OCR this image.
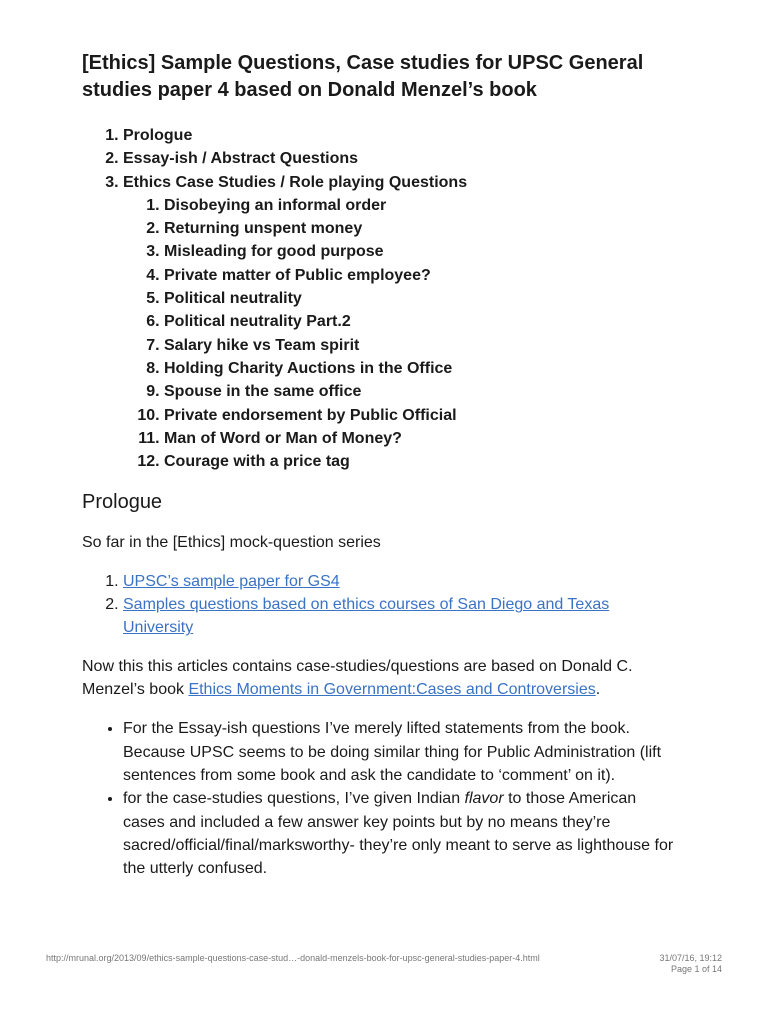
[Ethics] Sample Questions, Case studies for UPSC General studies paper 4 based on Donald Menzel’s book
1. Prologue
2. Essay-ish / Abstract Questions
3. Ethics Case Studies / Role playing Questions
1. Disobeying an informal order
2. Returning unspent money
3. Misleading for good purpose
4. Private matter of Public employee?
5. Political neutrality
6. Political neutrality Part.2
7. Salary hike vs Team spirit
8. Holding Charity Auctions in the Office
9. Spouse in the same office
10. Private endorsement by Public Official
11. Man of Word or Man of Money?
12. Courage with a price tag
Prologue

So far in the [Ethics] mock-question series

1. UPSC’s sample paper for GS4
2. Samples questions based on ethics courses of San Diego and Texas University

Now this this articles contains case-studies/questions are based on Donald C. Menzel’s book Ethics Moments in Government:Cases and Controversies.

• For the Essay-ish questions I’ve merely lifted statements from the book. Because UPSC seems to be doing similar thing for Public Administration (lift sentences from some book and ask the candidate to ‘comment’ on it).
• for the case-studies questions, I’ve given Indian flavor to those American cases and included a few answer key points but by no means they’re sacred/official/final/marksworthy- they’re only meant to serve as lighthouse for the utterly confused.
http://mrunal.org/2013/09/ethics-sample-questions-case-stud…-donald-menzels-book-for-upsc-general-studies-paper-4.html	31/07/16, 19:12
Page 1 of 14
